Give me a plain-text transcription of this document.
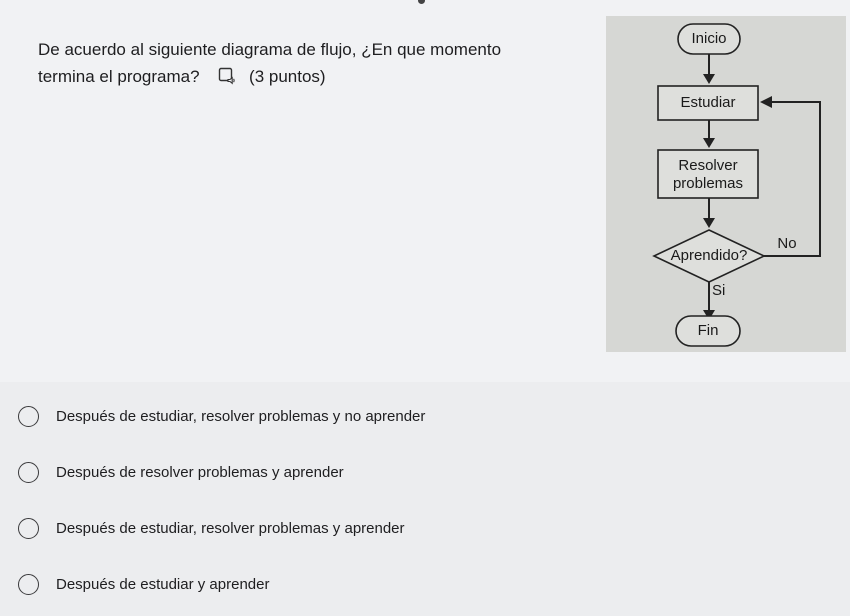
De acuerdo al siguiente diagrama de flujo, ¿En que momento termina el programa?	(3 puntos)
Inicio
Estudiar
Resolver
problemas
Aprendido?
No
Si
Fin
Después de estudiar, resolver problemas y no aprender
Después de resolver problemas y aprender
Después de estudiar, resolver problemas y aprender
Después de estudiar y aprender
